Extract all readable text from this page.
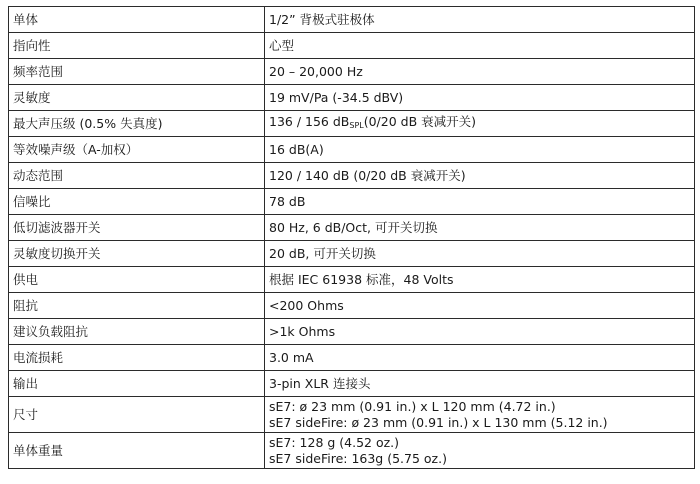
单体	1/2” 背极式驻极体
指向性	心型
频率范围	20 – 20,000 Hz
灵敏度	19 mV/Pa (-34.5 dBV)
最大声压级 (0.5% 失真度)	136 / 156 $dB_{SPL}(0/20$ dB 衰减开关)
等效噪声级（A-加权）	16 dB(A)
动态范围	120 / 140 dB (0/20 dB 衰减开关)
信噪比	78 dB
低切滤波器开关	80 Hz, 6 dB/Oct, 可开关切换
灵敏度切换开关	20 dB, 可开关切换
供电	根据 IEC 61938 标准，48 Volts
阻抗	<200 Ohms
建议负载阻抗	>1k Ohms
电流损耗	3.0 mA
输出	3-pin XLR 连接头
尺寸	sE7: ø 23 mm (0.91 in.) x L 120 mm (4.72 in.)
sE7 sideFire: ø 23 mm (0.91 in.) x L 130 mm (5.12 in.)

单体重量	sE7: 128 g (4.52 oz.)
sE7 sideFire: 163g (5.75 oz.)
